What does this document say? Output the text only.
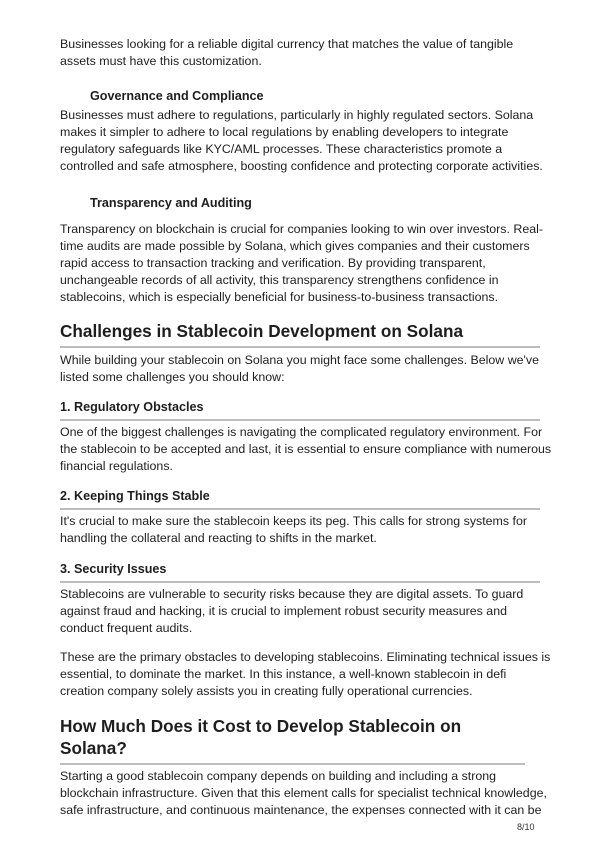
Businesses looking for a reliable digital currency that matches the value of tangible
assets must have this customization.
Governance and Compliance
Businesses must adhere to regulations, particularly in highly regulated sectors. Solana
makes it simpler to adhere to local regulations by enabling developers to integrate
regulatory safeguards like KYC/AML processes. These characteristics promote a
controlled and safe atmosphere, boosting confidence and protecting corporate activities.
Transparency and Auditing
Transparency on blockchain is crucial for companies looking to win over investors. Real-
time audits are made possible by Solana, which gives companies and their customers
rapid access to transaction tracking and verification. By providing transparent,
unchangeable records of all activity, this transparency strengthens confidence in
stablecoins, which is especially beneficial for business-to-business transactions.
Challenges in Stablecoin Development on Solana
While building your stablecoin on Solana you might face some challenges. Below we've
listed some challenges you should know:
1. Regulatory Obstacles
One of the biggest challenges is navigating the complicated regulatory environment. For
the stablecoin to be accepted and last, it is essential to ensure compliance with numerous
financial regulations.
2. Keeping Things Stable
It's crucial to make sure the stablecoin keeps its peg. This calls for strong systems for
handling the collateral and reacting to shifts in the market.
3. Security Issues
Stablecoins are vulnerable to security risks because they are digital assets. To guard
against fraud and hacking, it is crucial to implement robust security measures and
conduct frequent audits.
These are the primary obstacles to developing stablecoins. Eliminating technical issues is
essential, to dominate the market. In this instance, a well-known stablecoin in defi
creation company solely assists you in creating fully operational currencies.
How Much Does it Cost to Develop Stablecoin on Solana?
Starting a good stablecoin company depends on building and including a strong
blockchain infrastructure. Given that this element calls for specialist technical knowledge,
safe infrastructure, and continuous maintenance, the expenses connected with it can be
8/10
